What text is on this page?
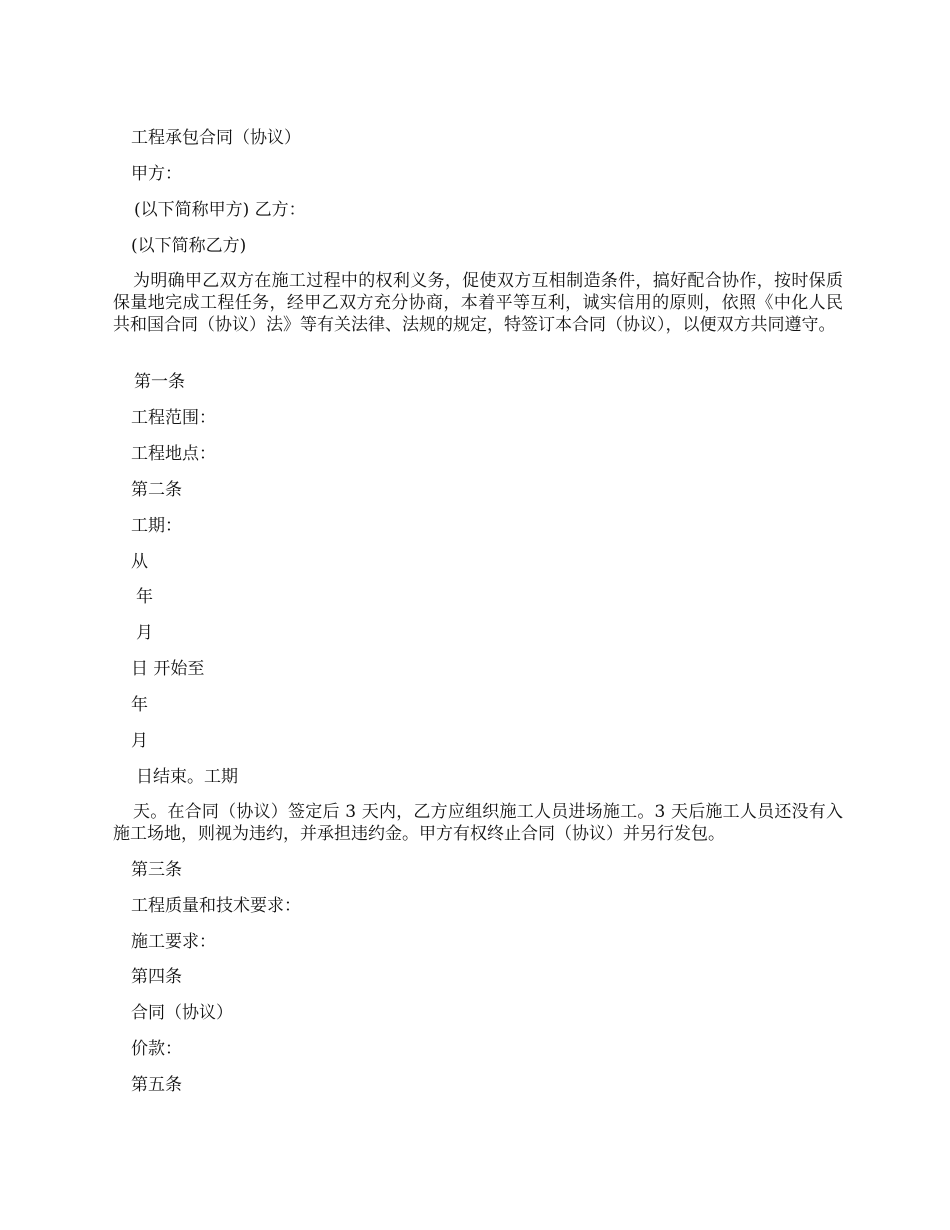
工程承包合同（协议）
甲方：
(以下简称甲方) 乙方：
(以下简称乙方)
为明确甲乙双方在施工过程中的权利义务，促使双方互相制造条件，搞好配合协作，按时保质保量地完成工程任务，经甲乙双方充分协商，本着平等互利，诚实信用的原则，依照《中化人民共和国合同（协议）法》等有关法律、法规的规定，特签订本合同（协议），以便双方共同遵守。
第一条
工程范围：
工程地点：
第二条
工期：
从
年
月
日 开始至
年
月
日结束。工期
天。在合同（协议）签定后 3 天内，乙方应组织施工人员进场施工。3 天后施工人员还没有入施工场地，则视为违约，并承担违约金。甲方有权终止合同（协议）并另行发包。
第三条
工程质量和技术要求：
施工要求：
第四条
合同（协议）
价款：
第五条
